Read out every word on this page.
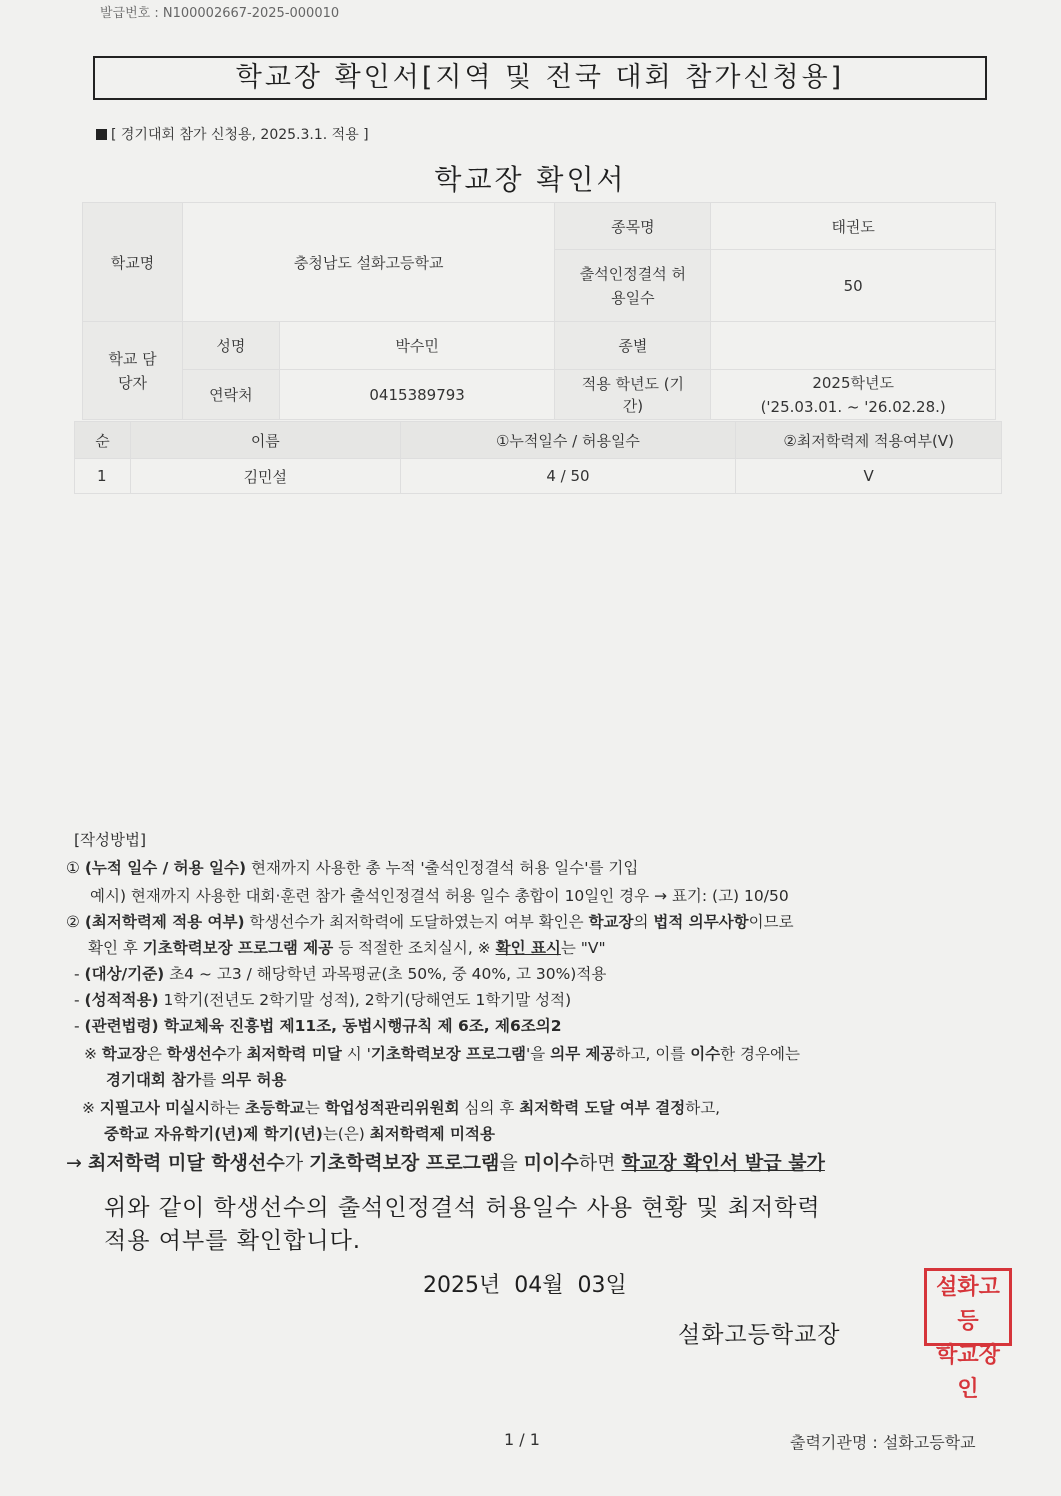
발급번호 : N100002667-2025-000010
학교장 확인서[지역 및 전국 대회 참가신청용]
[ 경기대회 참가 신청용, 2025.3.1. 적용 ]
학교장 확인서
학교명	충청남도 설화고등학교		종목명	태권도
			출석인정결석 허용일수	50
학교 담당자	성명	박수민	종별	
	연락처	0415389793	적용 학년도 (기간)	2025학년도
('25.03.01. ~ '26.02.28.)
순	이름	①누적일수 / 허용일수	②최저학력제 적용여부(V)
1	김민설	4 / 50	V
[작성방법]
① (누적 일수 / 허용 일수) 현재까지 사용한 총 누적 '출석인정결석 허용 일수'를 기입
예시) 현재까지 사용한 대회·훈련 참가 출석인정결석 허용 일수 총합이 10일인 경우 → 표기: (고) 10/50
② (최저학력제 적용 여부) 학생선수가 최저학력에 도달하였는지 여부 확인은 학교장의 법적 의무사항이므로
확인 후 기초학력보장 프로그램 제공 등 적절한 조치실시, ※ 확인 표시는 "V"
- (대상/기준) 초4 ~ 고3 / 해당학년 과목평균(초 50%, 중 40%, 고 30%)적용
- (성적적용) 1학기(전년도 2학기말 성적), 2학기(당해연도 1학기말 성적)
- (관련법령) 학교체육 진흥법 제11조, 동법시행규칙 제 6조, 제6조의2
※ 학교장은 학생선수가 최저학력 미달 시 '기초학력보장 프로그램'을 의무 제공하고, 이를 이수한 경우에는
경기대회 참가를 의무 허용
※ 지필고사 미실시하는 초등학교는 학업성적관리위원회 심의 후 최저학력 도달 여부 결정하고,
중학교 자유학기(년)제 학기(년)는(은) 최저학력제 미적용
→ 최저학력 미달 학생선수가 기초학력보장 프로그램을 미이수하면 학교장 확인서 발급 불가
위와 같이 학생선수의 출석인정결석 허용일수 사용 현황 및 최저학력
적용 여부를 확인합니다.
2025년 04월 03일
설화고등학교장
설화고등
학교장인
1 / 1	출력기관명 : 설화고등학교
